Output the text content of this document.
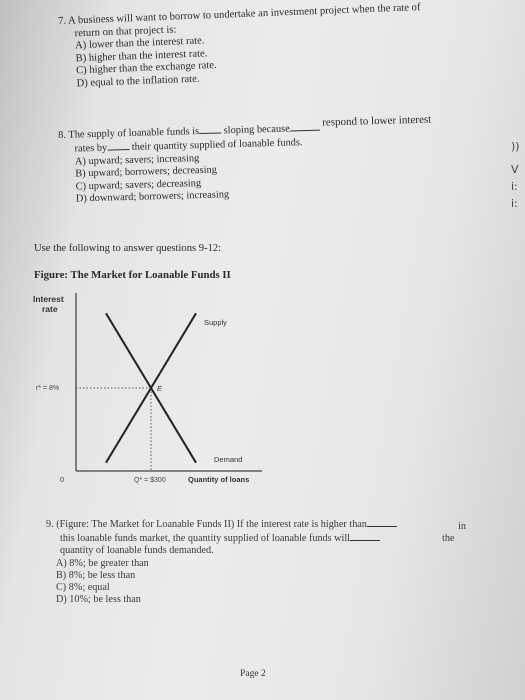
))
V
i:
i:
7. A business will want to borrow to undertake an investment project when the rate of
return on that project is:
A) lower than the interest rate.
B) higher than the interest rate.
C) higher than the exchange rate.
D) equal to the inflation rate.
8. The supply of loanable funds is sloping because respond to lower interest
rates by their quantity supplied of loanable funds.
A) upward; savers; increasing
B) upward; borrowers; decreasing
C) upward; savers; decreasing
D) downward; borrowers; increasing
Use the following to answer questions 9-12:
Figure: The Market for Loanable Funds II
Interest
rate
0
r* = 8%
Supply
Demand
E
Q* = $300	Quantity of loans
9. (Figure: The Market for Loanable Funds II) If the interest rate is higher than
this loanable funds market, the quantity supplied of loanable funds will
quantity of loanable funds demanded.
A) 8%; be greater than
B) 8%; be less than
C) 8%; equal
D) 10%; be less than
in
the
Page 2
